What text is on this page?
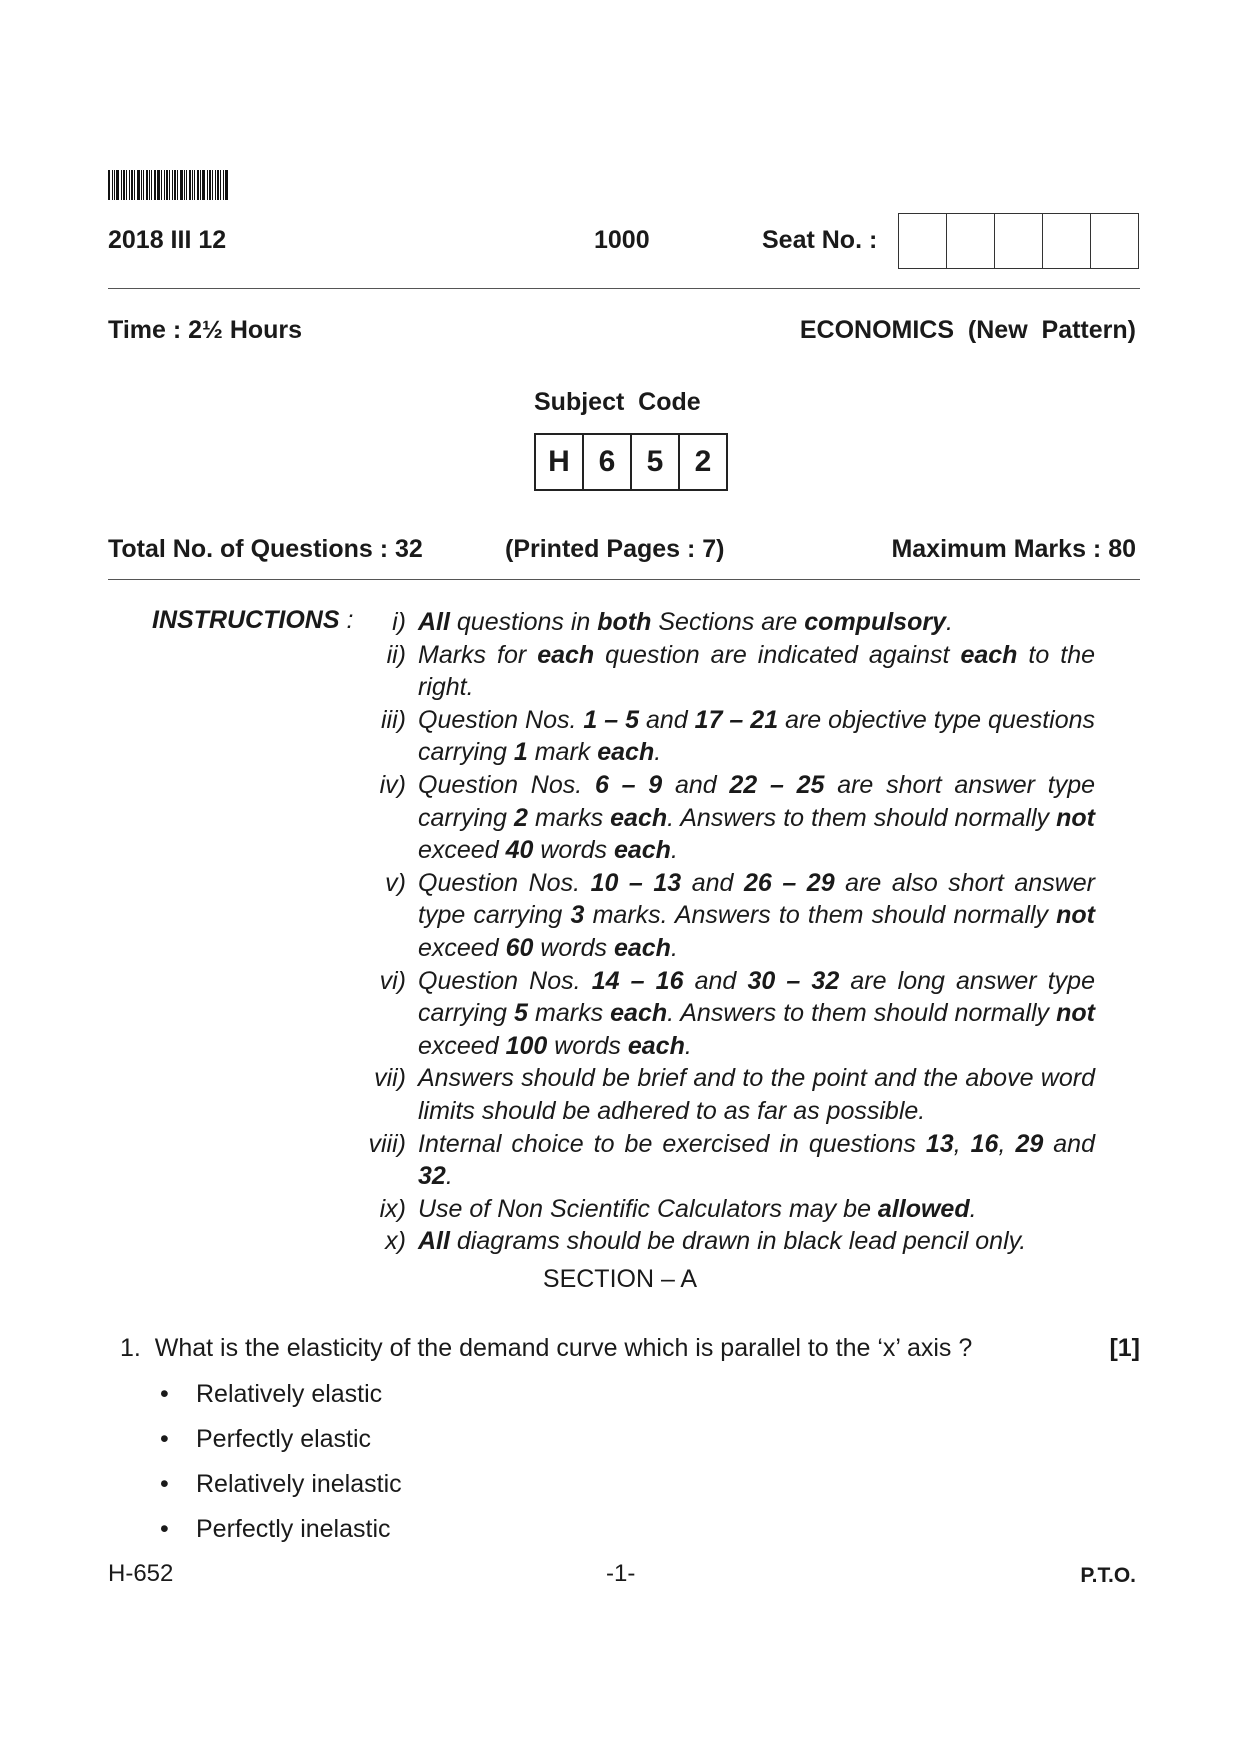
2018 III 12	1000	Seat No. :
Time : 2½ Hours	ECONOMICS  (New  Pattern)
Subject  Code
H 6	5	2
Total No. of Questions : 32	(Printed Pages : 7)	Maximum Marks : 80
INSTRUCTIONS :	i) All questions in both Sections are compulsory.
ii) Marks for each question are indicated against each to the right.
iii) Question Nos. 1 – 5 and 17 – 21 are objective type questions carrying 1 mark each.
iv) Question Nos. 6 – 9 and 22 – 25 are short answer type carrying 2 marks each. Answers to them should normally not exceed 40 words each.
v) Question Nos. 10 – 13 and 26 – 29 are also short answer type carrying 3 marks. Answers to them should normally not exceed 60 words each.
vi) Question Nos. 14 – 16 and 30 – 32 are long answer type carrying 5 marks each. Answers to them should normally not exceed 100 words each.
vii) Answers should be brief and to the point and the above word limits should be adhered to as far as possible.
viii) Internal choice to be exercised in questions 13, 16, 29 and 32.
ix) Use of Non Scientific Calculators may be allowed.
x) All diagrams should be drawn in black lead pencil only.
SECTION – A
1. What is the elasticity of the demand curve which is parallel to the ‘x’ axis ?	[1]
• Relatively elastic
• Perfectly elastic
• Relatively inelastic
• Perfectly inelastic
H-652	-1-	P.T.O.
